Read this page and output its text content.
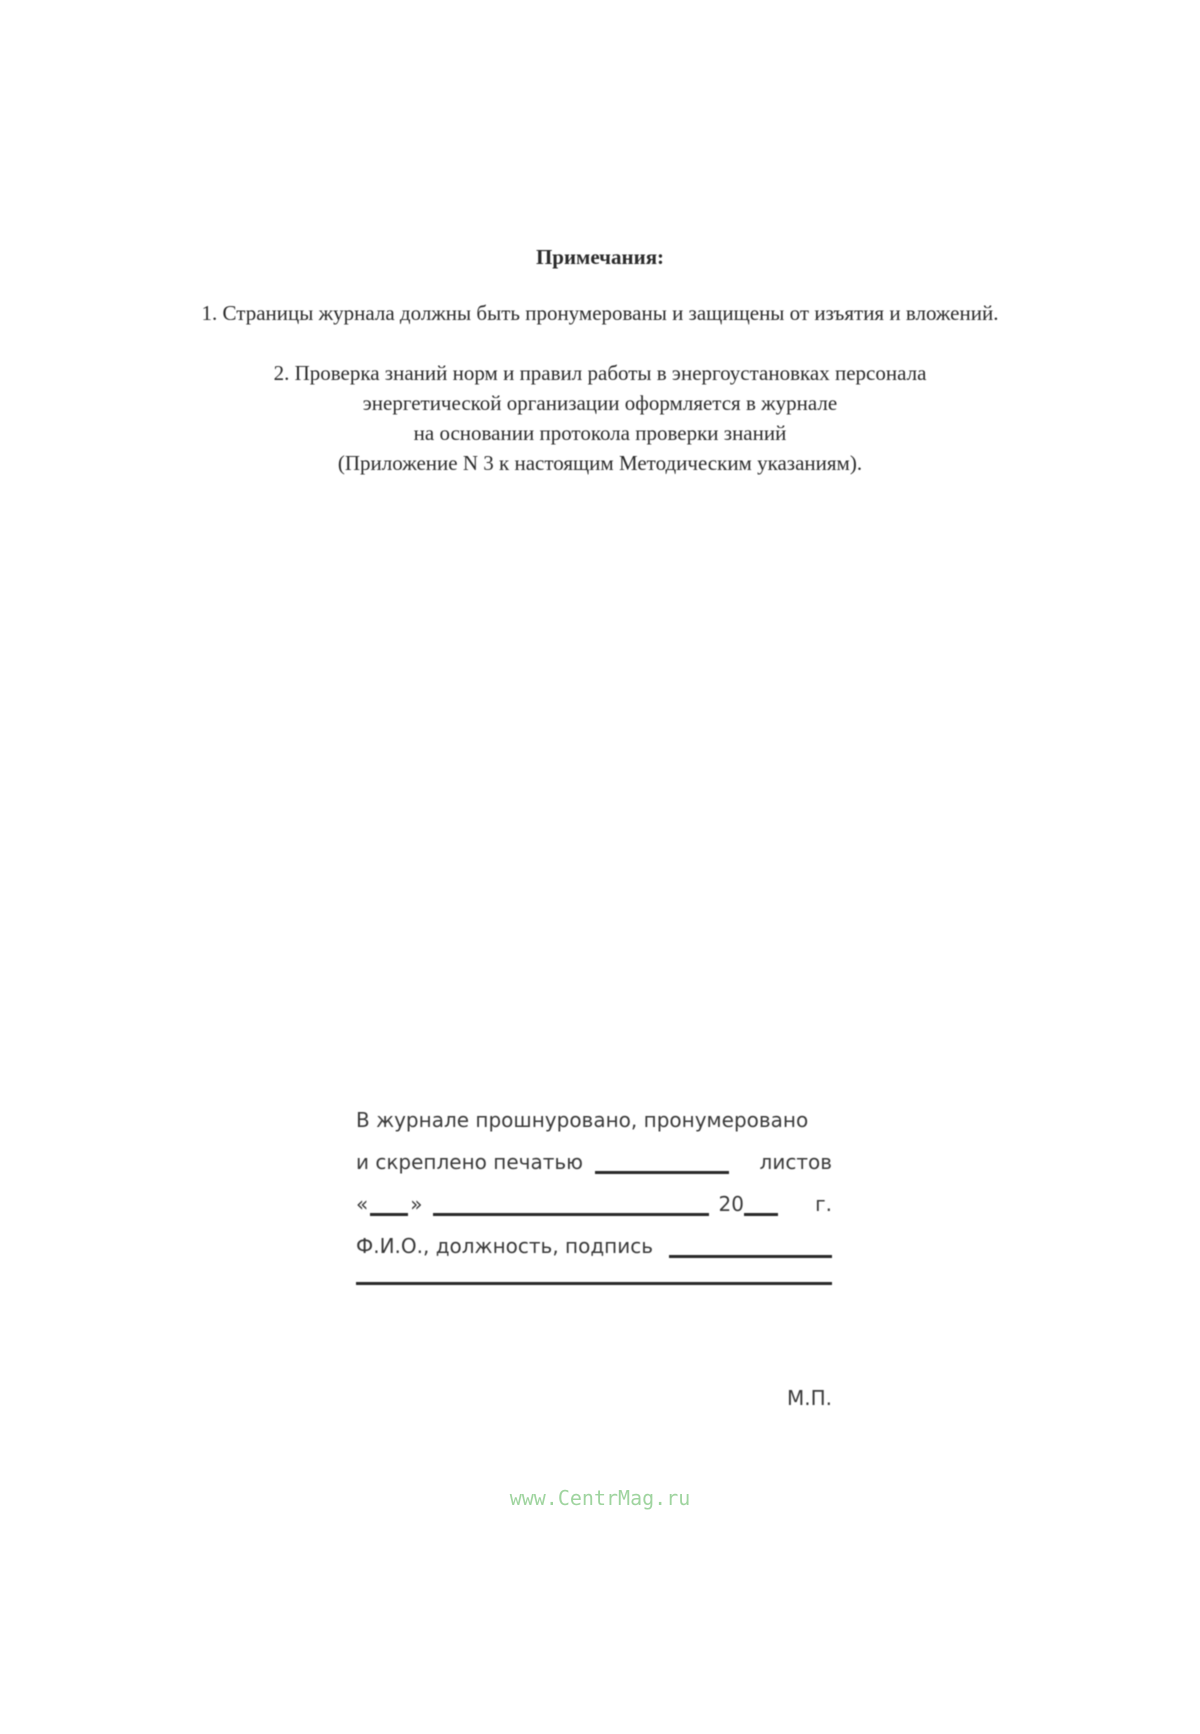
Примечания:

1. Страницы журнала должны быть пронумерованы и защищены от изъятия и вложений.

2. Проверка знаний норм и правил работы в энергоустановках персонала
энергетической организации оформляется в журнале
на основании протокола проверки знаний
(Приложение N 3 к настоящим Методическим указаниям).

В журнале прошнуровано, пронумеровано
и скреплено печатью	листов
« »	20	г.
Ф.И.О., должность, подпись
М.П.
www.CentrMag.ru
